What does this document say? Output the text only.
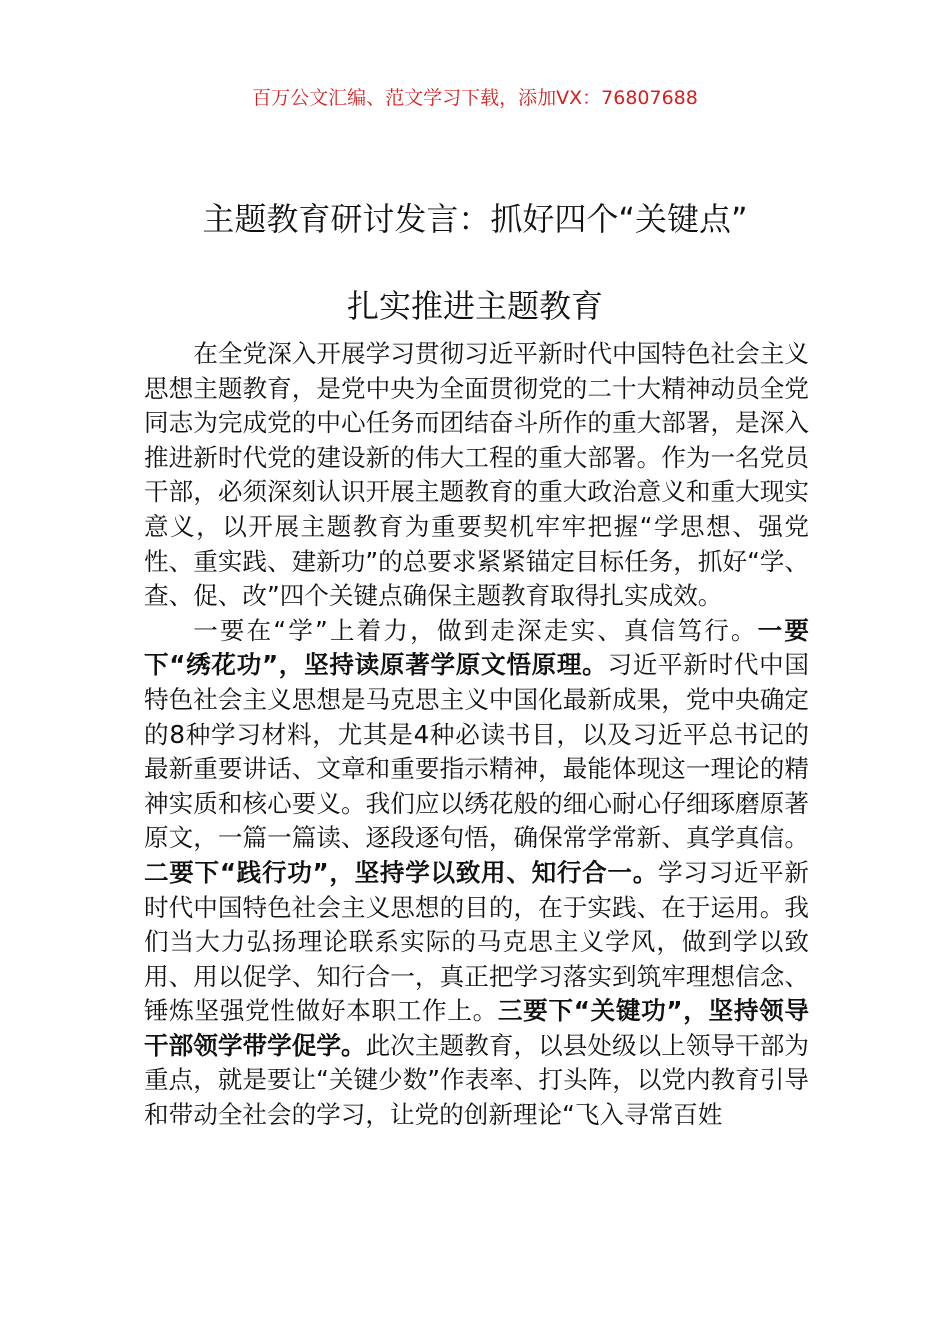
百万公文汇编、范文学习下载，添加VX：76807688
主题教育研讨发言：抓好四个“关键点”
扎实推进主题教育

在全党深入开展学习贯彻习近平新时代中国特色社会主义思想主题教育，是党中央为全面贯彻党的二十大精神动员全党同志为完成党的中心任务而团结奋斗所作的重大部署，是深入推进新时代党的建设新的伟大工程的重大部署。作为一名党员干部，必须深刻认识开展主题教育的重大政治意义和重大现实意义，以开展主题教育为重要契机牢牢把握“学思想、强党性、重实践、建新功”的总要求紧紧锚定目标任务，抓好“学、查、促、改”四个关键点确保主题教育取得扎实成效。

一要在“学”上着力，做到走深走实、真信笃行。一要下“绣花功”，坚持读原著学原文悟原理。习近平新时代中国特色社会主义思想是马克思主义中国化最新成果，党中央确定的8种学习材料，尤其是4种必读书目，以及习近平总书记的最新重要讲话、文章和重要指示精神，最能体现这一理论的精神实质和核心要义。我们应以绣花般的细心耐心仔细琢磨原著原文，一篇一篇读、逐段逐句悟，确保常学常新、真学真信。二要下“践行功”，坚持学以致用、知行合一。学习习近平新时代中国特色社会主义思想的目的，在于实践、在于运用。我们当大力弘扬理论联系实际的马克思主义学风，做到学以致用、用以促学、知行合一，真正把学习落实到筑牢理想信念、锤炼坚强党性做好本职工作上。三要下“关键功”，坚持领导干部领学带学促学。此次主题教育，以县处级以上领导干部为重点，就是要让“关键少数”作表率、打头阵，以党内教育引导和带动全社会的学习，让党的创新理论“飞入寻常百姓
